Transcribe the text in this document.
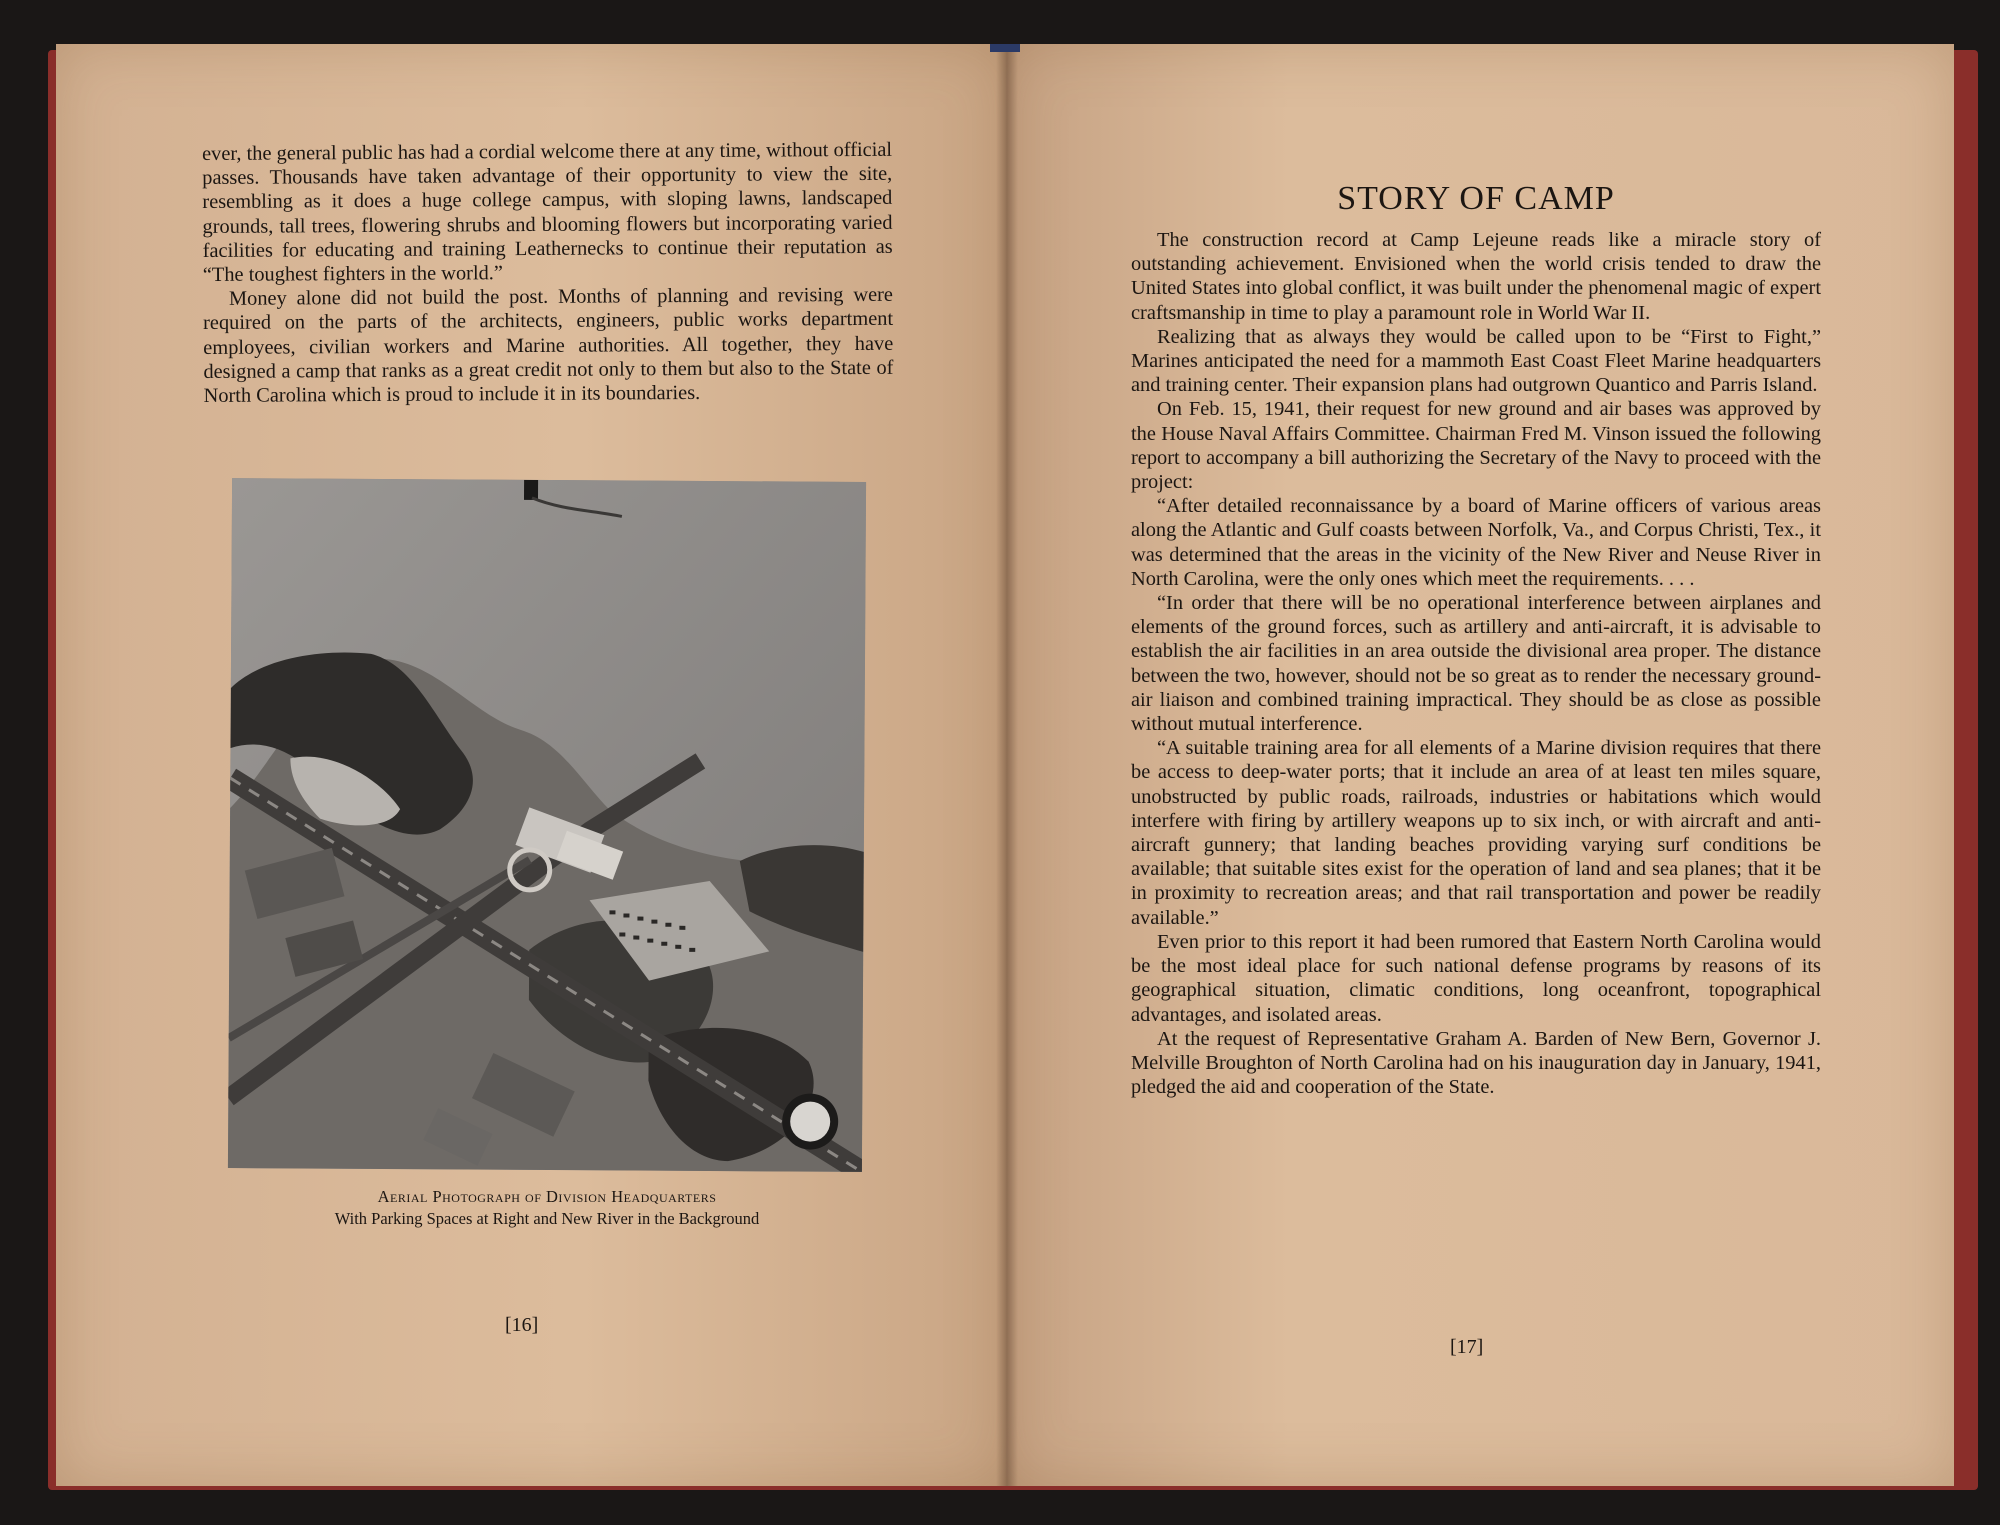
ever, the general public has had a cordial welcome there at any time, without official passes. Thousands have taken advantage of their opportunity to view the site, resembling as it does a huge college campus, with sloping lawns, landscaped grounds, tall trees, flowering shrubs and blooming flowers but incorporating varied facilities for educating and training Leathernecks to continue their reputation as “The toughest fighters in the world.”

Money alone did not build the post. Months of planning and revising were required on the parts of the architects, engineers, public works department employees, civilian workers and Marine authorities. All together, they have designed a camp that ranks as a great credit not only to them but also to the State of North Carolina which is proud to include it in its boundaries.

Aerial Photograph of Division Headquarters
With Parking Spaces at Right and New River in the Background
[16]
STORY OF CAMP

The construction record at Camp Lejeune reads like a miracle story of outstanding achievement. Envisioned when the world crisis tended to draw the United States into global conflict, it was built under the phenomenal magic of expert craftsmanship in time to play a paramount role in World War II.

Realizing that as always they would be called upon to be “First to Fight,” Marines anticipated the need for a mammoth East Coast Fleet Marine headquarters and training center. Their expansion plans had outgrown Quantico and Parris Island.

On Feb. 15, 1941, their request for new ground and air bases was approved by the House Naval Affairs Committee. Chairman Fred M. Vinson issued the following report to accompany a bill authorizing the Secretary of the Navy to proceed with the project:

“After detailed reconnaissance by a board of Marine officers of various areas along the Atlantic and Gulf coasts between Norfolk, Va., and Corpus Christi, Tex., it was determined that the areas in the vicinity of the New River and Neuse River in North Carolina, were the only ones which meet the requirements. . . .

“In order that there will be no operational interference between airplanes and elements of the ground forces, such as artillery and anti-aircraft, it is advisable to establish the air facilities in an area outside the divisional area proper. The distance between the two, however, should not be so great as to render the necessary ground-air liaison and combined training impractical. They should be as close as possible without mutual interference.

“A suitable training area for all elements of a Marine division requires that there be access to deep-water ports; that it include an area of at least ten miles square, unobstructed by public roads, railroads, industries or habitations which would interfere with firing by artillery weapons up to six inch, or with aircraft and anti-aircraft gunnery; that landing beaches providing varying surf conditions be available; that suitable sites exist for the operation of land and sea planes; that it be in proximity to recreation areas; and that rail transportation and power be readily available.”

Even prior to this report it had been rumored that Eastern North Carolina would be the most ideal place for such national defense programs by reasons of its geographical situation, climatic conditions, long oceanfront, topographical advantages, and isolated areas.

At the request of Representative Graham A. Barden of New Bern, Governor J. Melville Broughton of North Carolina had on his inauguration day in January, 1941, pledged the aid and cooperation of the State.

[17]
